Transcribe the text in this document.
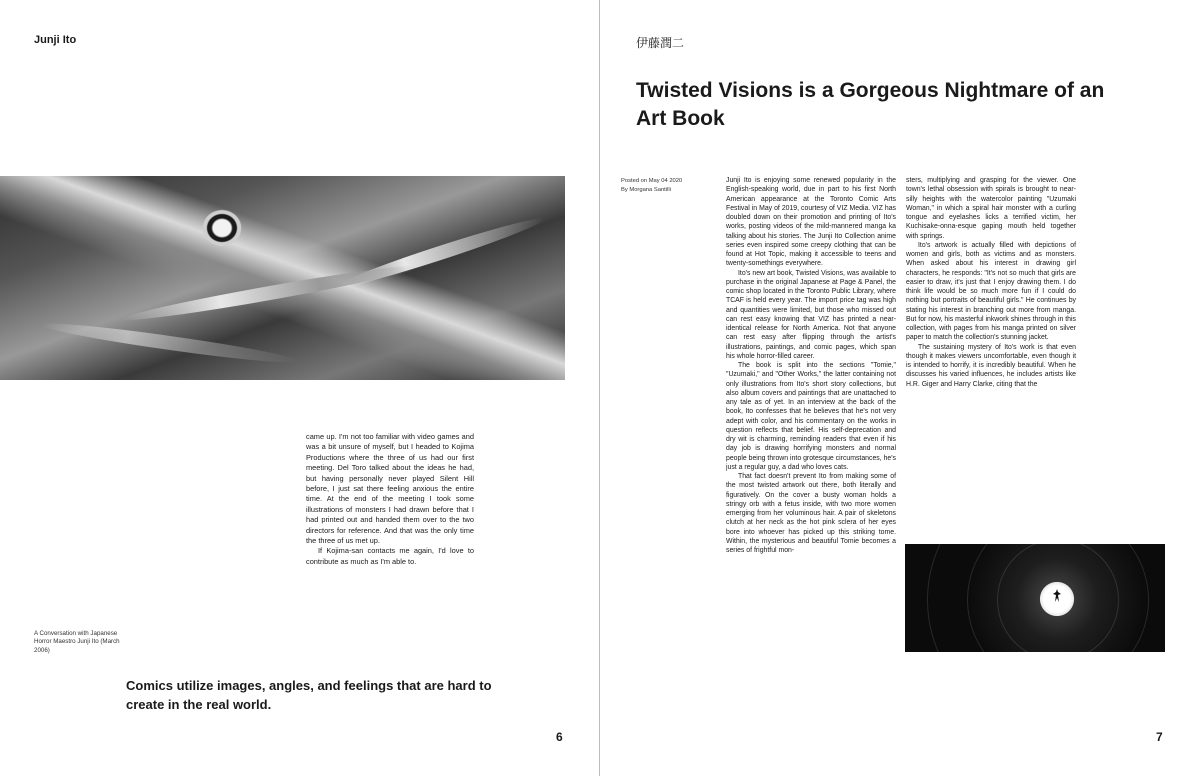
Junji Ito

came up. I'm not too familiar with video games and was a bit unsure of myself, but I headed to Kojima Productions where the three of us had our first meeting. Del Toro talked about the ideas he had, but having personally never played Silent Hill before, I just sat there feeling anxious the entire time. At the end of the meeting I took some illustrations of monsters I had drawn before that I had printed out and handed them over to the two directors for reference. And that was the only time the three of us met up.

If Kojima-san contacts me again, I'd love to contribute as much as I'm able to.

A Conversation with Japanese Horror Maestro Junji Ito (March 2006)
Comics utilize images, angles, and feelings that are hard to create in the real world.
6
伊藤潤二
Twisted Visions is a Gorgeous Nightmare of an Art Book
Posted on May 04 2020
By Morgana Santilli

Junji Ito is enjoying some renewed popularity in the English-speaking world, due in part to his first North American appearance at the Toronto Comic Arts Festival in May of 2019, courtesy of VIZ Media. VIZ has doubled down on their promotion and printing of Ito's works, posting videos of the mild-mannered manga ka talking about his stories. The Junji Ito Collection anime series even inspired some creepy clothing that can be found at Hot Topic, making it accessible to teens and twenty-somethings everywhere.

Ito's new art book, Twisted Visions, was available to purchase in the original Japanese at Page & Panel, the comic shop located in the Toronto Public Library, where TCAF is held every year. The import price tag was high and quantities were limited, but those who missed out can rest easy knowing that VIZ has printed a near-identical release for North America. Not that anyone can rest easy after flipping through the artist's illustrations, paintings, and comic pages, which span his whole horror-filled career.

The book is split into the sections "Tomie," "Uzumaki," and "Other Works," the latter containing not only illustrations from Ito's short story collections, but also album covers and paintings that are unattached to any tale as of yet. In an interview at the back of the book, Ito confesses that he believes that he's not very adept with color, and his commentary on the works in question reflects that belief. His self-deprecation and dry wit is charming, reminding readers that even if his day job is drawing horrifying monsters and normal people being thrown into grotesque circumstances, he's just a regular guy, a dad who loves cats.

That fact doesn't prevent Ito from making some of the most twisted artwork out there, both literally and figuratively. On the cover a busty woman holds a stringy orb with a fetus inside, with two more women emerging from her voluminous hair. A pair of skeletons clutch at her neck as the hot pink sclera of her eyes bore into whoever has picked up this striking tome. Within, the mysterious and beautiful Tomie becomes a series of frightful mon-

sters, multiplying and grasping for the viewer. One town's lethal obsession with spirals is brought to near-silly heights with the watercolor painting "Uzumaki Woman," in which a spiral hair monster with a curling tongue and eyelashes licks a terrified victim, her Kuchisake-onna-esque gaping mouth held together with springs.

Ito's artwork is actually filled with depictions of women and girls, both as victims and as monsters. When asked about his interest in drawing girl characters, he responds: "It's not so much that girls are easier to draw, it's just that I enjoy drawing them. I do think life would be so much more fun if I could do nothing but portraits of beautiful girls." He continues by stating his interest in branching out more from manga. But for now, his masterful inkwork shines through in this collection, with pages from his manga printed on silver paper to match the collection's stunning jacket.

The sustaining mystery of Ito's work is that even though it makes viewers uncomfortable, even though it is intended to horrify, it is incredibly beautiful. When he discusses his varied influences, he includes artists like H.R. Giger and Harry Clarke, citing that the

7
